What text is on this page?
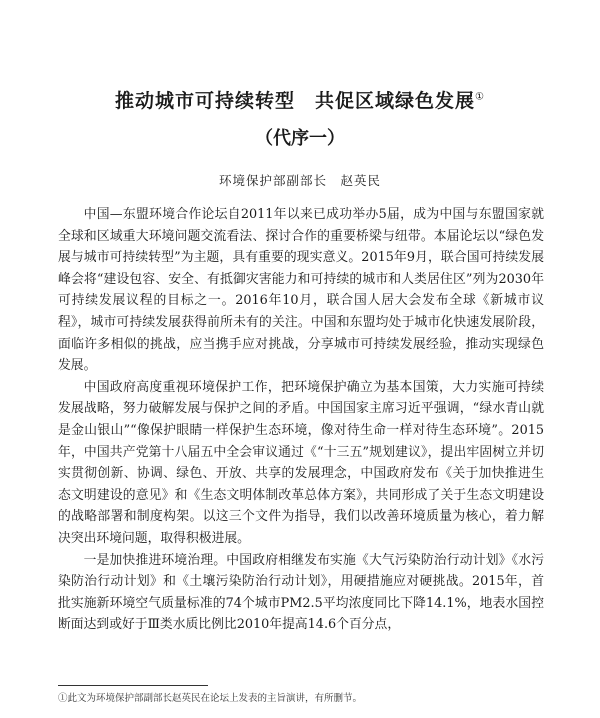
推动城市可持续转型　共促区域绿色发展①
（代序一）
环境保护部副部长　赵英民

中国—东盟环境合作论坛自2011年以来已成功举办5届，成为中国与东盟国家就全球和区域重大环境问题交流看法、探讨合作的重要桥梁与纽带。本届论坛以“绿色发展与城市可持续转型”为主题，具有重要的现实意义。2015年9月，联合国可持续发展峰会将“建设包容、安全、有抵御灾害能力和可持续的城市和人类居住区”列为2030年可持续发展议程的目标之一。2016年10月，联合国人居大会发布全球《新城市议程》，城市可持续发展获得前所未有的关注。中国和东盟均处于城市化快速发展阶段，面临许多相似的挑战，应当携手应对挑战，分享城市可持续发展经验，推动实现绿色发展。

中国政府高度重视环境保护工作，把环境保护确立为基本国策，大力实施可持续发展战略，努力破解发展与保护之间的矛盾。中国国家主席习近平强调，“绿水青山就是金山银山”“像保护眼睛一样保护生态环境，像对待生命一样对待生态环境”。2015年，中国共产党第十八届五中全会审议通过《“十三五”规划建议》，提出牢固树立并切实贯彻创新、协调、绿色、开放、共享的发展理念，中国政府发布《关于加快推进生态文明建设的意见》和《生态文明体制改革总体方案》，共同形成了关于生态文明建设的战略部署和制度构架。以这三个文件为指导，我们以改善环境质量为核心，着力解决突出环境问题，取得积极进展。

一是加快推进环境治理。中国政府相继发布实施《大气污染防治行动计划》《水污染防治行动计划》和《土壤污染防治行动计划》，用硬措施应对硬挑战。2015年，首批实施新环境空气质量标准的74个城市PM2.5平均浓度同比下降14.1%，地表水国控断面达到或好于Ⅲ类水质比例比2010年提高14.6个百分点，

①此文为环境保护部副部长赵英民在论坛上发表的主旨演讲，有所删节。
